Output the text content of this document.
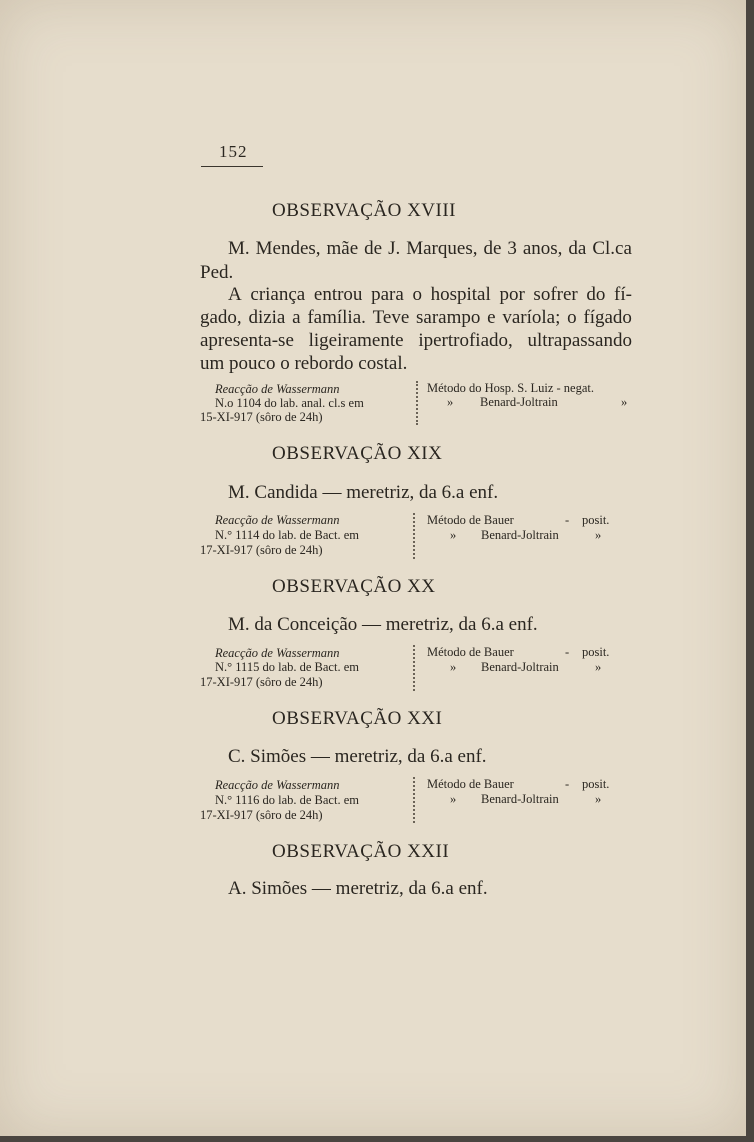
152
OBSERVAÇÃO XVIII
M. Mendes, mãe de J. Marques, de 3 anos, da Cl.ca
Ped.
A criança entrou para o hospital por sofrer do fí-
gado, dizia a família. Teve sarampo e varíola; o fígado
apresenta-se ligeiramente ipertrofiado, ultrapassando
um pouco o rebordo costal.
Reacção de Wassermann
N.o 1104 do lab. anal. cl.s em
15-XI-917 (sôro de 24h)
Método do Hosp. S. Luiz - negat.
» Benard-Joltrain	»
OBSERVAÇÃO XIX
M. Candida — meretriz, da 6.a enf.
Reacção de Wassermann
N.° 1114 do lab. de Bact. em
17-XI-917 (sôro de 24h)
Método de Bauer	- posit.
» Benard-Joltrain	»
OBSERVAÇÃO XX
M. da Conceição — meretriz, da 6.a enf.
Reacção de Wassermann
N.° 1115 do lab. de Bact. em
17-XI-917 (sôro de 24h)
Método de Bauer	- posit.
» Benard-Joltrain	»
OBSERVAÇÃO XXI
C. Simões — meretriz, da 6.a enf.
Reacção de Wassermann
N.° 1116 do lab. de Bact. em
17-XI-917 (sôro de 24h)
Método de Bauer	- posit.
» Benard-Joltrain	»
OBSERVAÇÃO XXII
A. Simões — meretriz, da 6.a enf.
